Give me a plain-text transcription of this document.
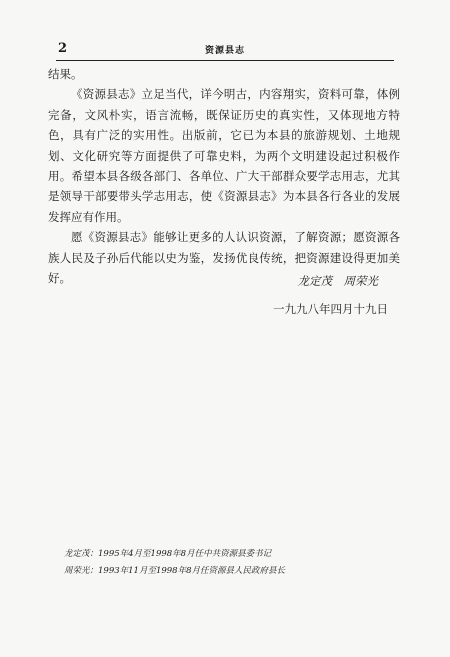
2	资源县志

结果。

《资源县志》立足当代，详今明古，内容翔实，资料可靠，体例完备，文风朴实，语言流畅，既保证历史的真实性，又体现地方特色，具有广泛的实用性。出版前，它已为本县的旅游规划、土地规划、文化研究等方面提供了可靠史料，为两个文明建设起过积极作用。希望本县各级各部门、各单位、广大干部群众要学志用志，尤其是领导干部要带头学志用志，使《资源县志》为本县各行各业的发展发挥应有作用。

愿《资源县志》能够让更多的人认识资源，了解资源；愿资源各族人民及子孙后代能以史为鉴，发扬优良传统，把资源建设得更加美好。	龙定茂　周荣光
一九九八年四月十九日
龙定茂：1995年4月至1998年8月任中共资源县委书记
周荣光：1993年11月至1998年8月任资源县人民政府县长
